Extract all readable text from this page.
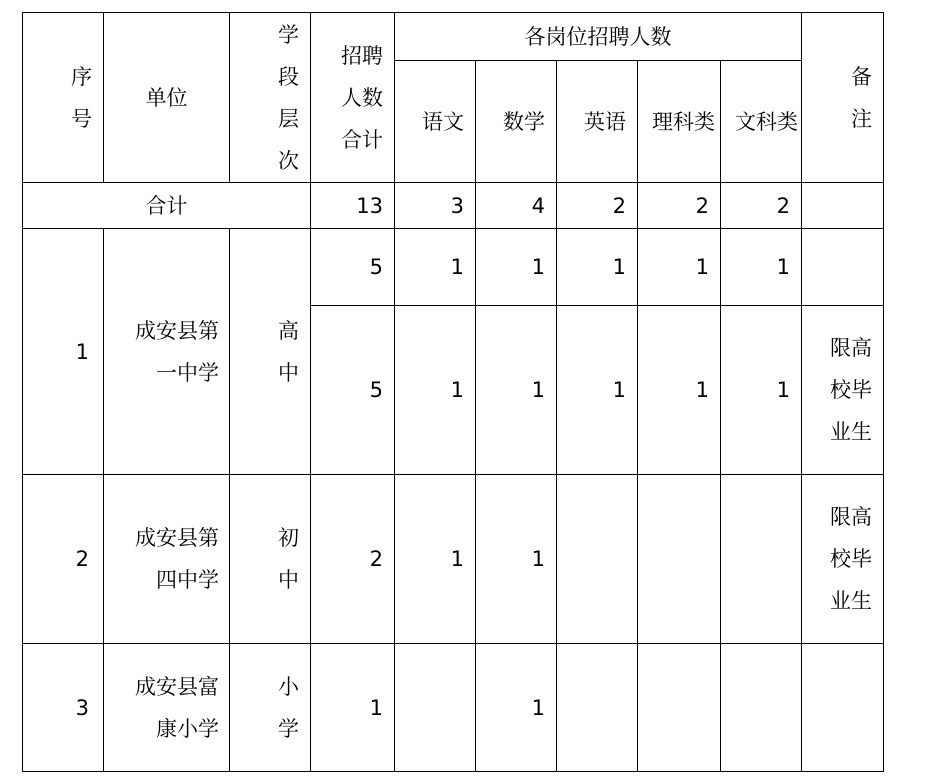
序号	单位	学段层次	招聘人数合计	各岗位招聘人数					备注

				语文	数学	英语	理科类	文科类	

合计			13	3	4	2	2	2	
1	成安县第一中学	高中	5	1	1	1	1	1	
			5	1	1	1	1	1	限高校毕业生

2	成安县第四中学	初中	2	1	1				限高校毕业生

3	成安县富康小学	小学	1		1				
